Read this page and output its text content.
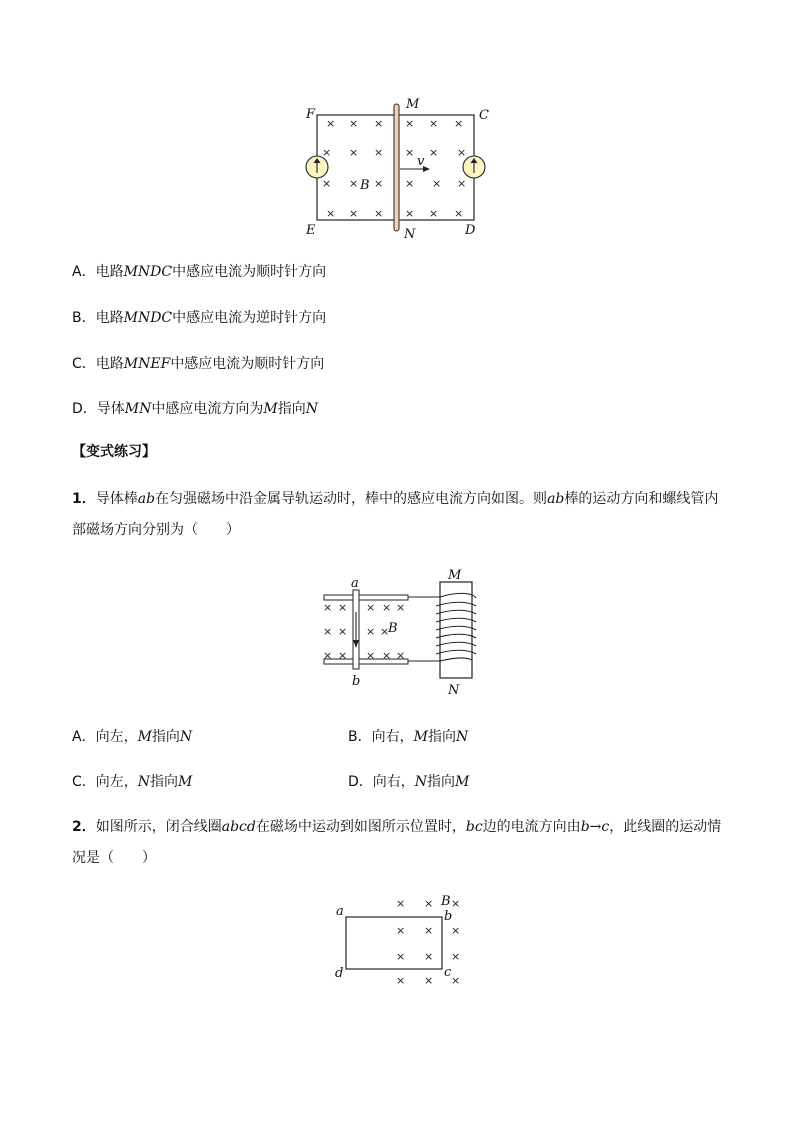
× × × × × ×
× × × × × ×
× × × × × ×
× × × × × ×
F
M
C
E	N	D
B
v
A．电路MNDC中感应电流为顺时针方向
B．电路MNDC中感应电流为逆时针方向
C．电路MNEF中感应电流为顺时针方向
D．导体MN中感应电流方向为M指向N
【变式练习】
1．导体棒ab在匀强磁场中沿金属导轨运动时，棒中的感应电流方向如图。则ab棒的运动方向和螺线管内
部磁场方向分别为（　　）
× × × × ×
× × × ×
× × × × ×
a
b
M
N
B
A．向左，M指向N	B．向右，M指向N
C．向左，N指向M	D．向右，N指向M
2．如图所示，闭合线圈abcd在磁场中运动到如图所示位置时，bc边的电流方向由b→c，此线圈的运动情
况是（　　）
× × ×
× × ×
× × ×
× × ×
a	b
c
d
B
